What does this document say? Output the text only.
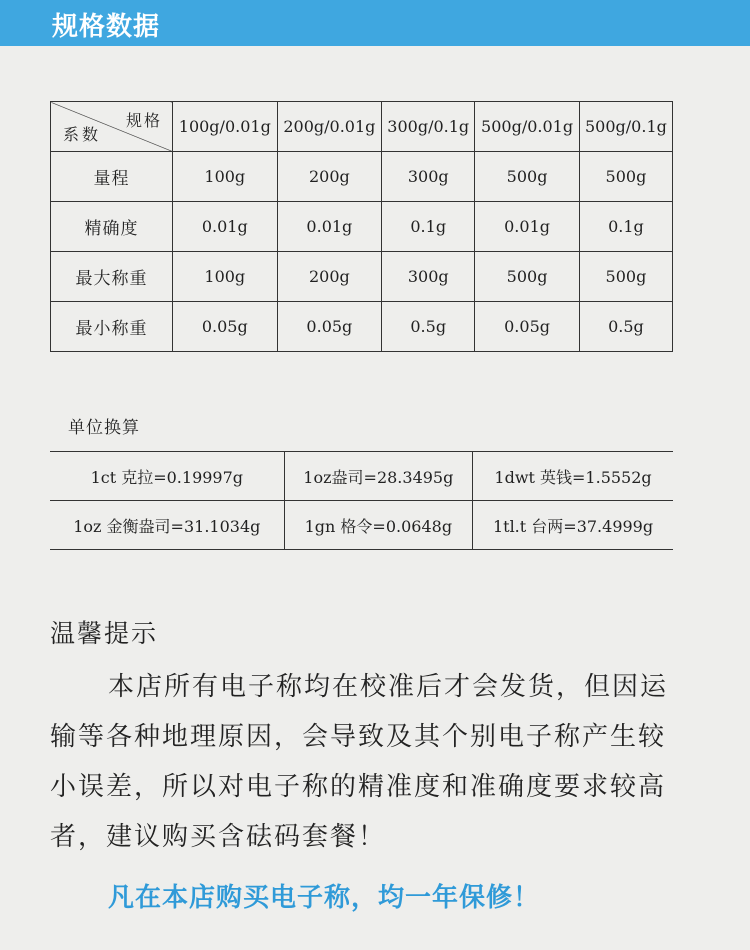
规格数据
规格
系数	100g/0.01g	200g/0.01g	300g/0.1g	500g/0.01g	500g/0.1g
量程	100g	200g	300g	500g	500g
精确度	0.01g	0.01g	0.1g	0.01g	0.1g
最大称重	100g	200g	300g	500g	500g
最小称重	0.05g	0.05g	0.5g	0.05g	0.5g
单位换算
1ct 克拉=0.19997g	1oz盎司=28.3495g	1dwt 英钱=1.5552g
1oz 金衡盎司=31.1034g	1gn 格令=0.0648g	1tl.t 台两=37.4999g
温馨提示
本店所有电子称均在校准后才会发货，但因运
输等各种地理原因，会导致及其个别电子称产生较
小误差，所以对电子称的精准度和准确度要求较高
者，建议购买含砝码套餐！
凡在本店购买电子称，均一年保修！
